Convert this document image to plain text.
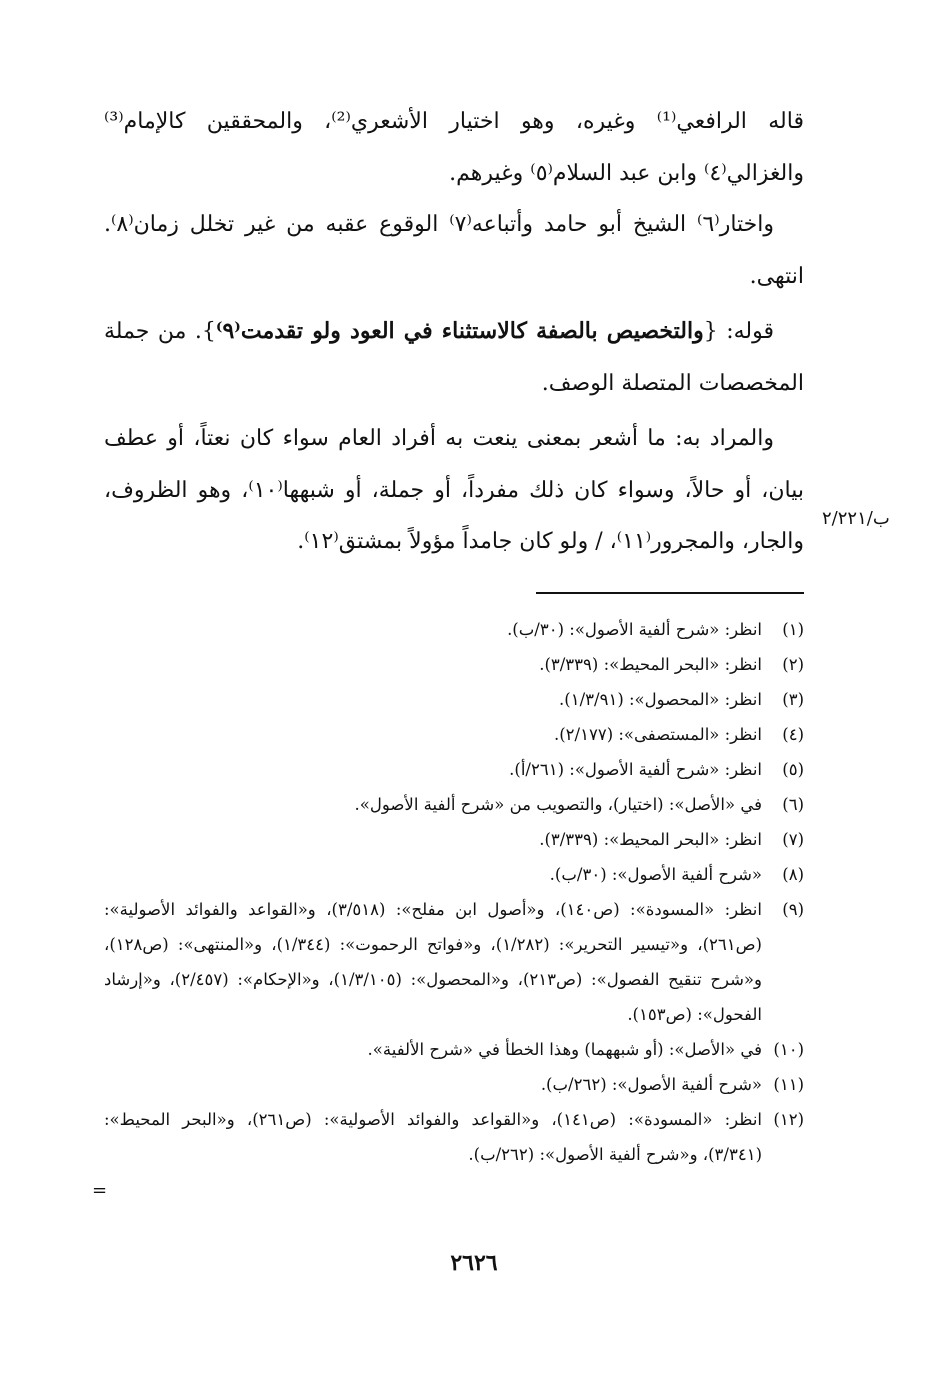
قاله الرافعي⁽¹⁾ وغيره، وهو اختيار الأشعري⁽²⁾، والمحققين كالإمام⁽³⁾ والغزالي⁽٤⁾ وابن عبد السلام⁽٥⁾ وغيرهم.

واختار⁽٦⁾ الشيخ أبو حامد وأتباعه⁽٧⁾ الوقوع عقبه من غير تخلل زمان⁽٨⁾. انتهى.

قوله: {والتخصيص بالصفة كالاستثناء في العود ولو تقدمت⁽٩⁾}. من جملة المخصصات المتصلة الوصف.

والمراد به: ما أشعر بمعنى ينعت به أفراد العام سواء كان نعتاً، أو عطف بيان، أو حالاً، وسواء كان ذلك مفرداً، أو جملة، أو شبهها⁽١٠⁾، وهو الظروف، والجار، والمجرور⁽١١⁾، / ولو كان جامداً مؤولاً بمشتق⁽١٢⁾.

ب/٢/٢٢١
(١)
انظر: «شرح ألفية الأصول»: (٣٠/ب).
(٢)
انظر: «البحر المحيط»: (٣/٣٣٩).
(٣)
انظر: «المحصول»: (١/٣/٩١).
(٤)
انظر: «المستصفى»: (٢/١٧٧).
(٥)
انظر: «شرح ألفية الأصول»: (٢٦١/أ).
(٦)
في «الأصل»: (اختيار)، والتصويب من «شرح ألفية الأصول».
(٧)
انظر: «البحر المحيط»: (٣/٣٣٩).
(٨)
«شرح ألفية الأصول»: (٣٠/ب).
(٩)
انظر: «المسودة»: (ص١٤٠)، و«أصول ابن مفلح»: (٣/٥١٨)، و«القواعد والفوائد الأصولية»: (ص٢٦١)، و«تيسير التحرير»: (١/٢٨٢)، و«فواتح الرحموت»: (١/٣٤٤)، و«المنتهى»: (ص١٢٨)، و«شرح تنقيح الفصول»: (ص٢١٣)، و«المحصول»: (١/٣/١٠٥)، و«الإحكام»: (٢/٤٥٧)، و«إرشاد الفحول»: (ص١٥٣).
(١٠)
في «الأصل»: (أو شبههما) وهذا الخطأ في «شرح الألفية».
(١١)
«شرح ألفية الأصول»: (٢٦٢/ب).
(١٢)
انظر: «المسودة»: (ص١٤١)، و«القواعد والفوائد الأصولية»: (ص٢٦١)، و«البحر المحيط»: (٣/٣٤١)، و«شرح ألفية الأصول»: (٢٦٢/ب).
=
٢٦٢٦
